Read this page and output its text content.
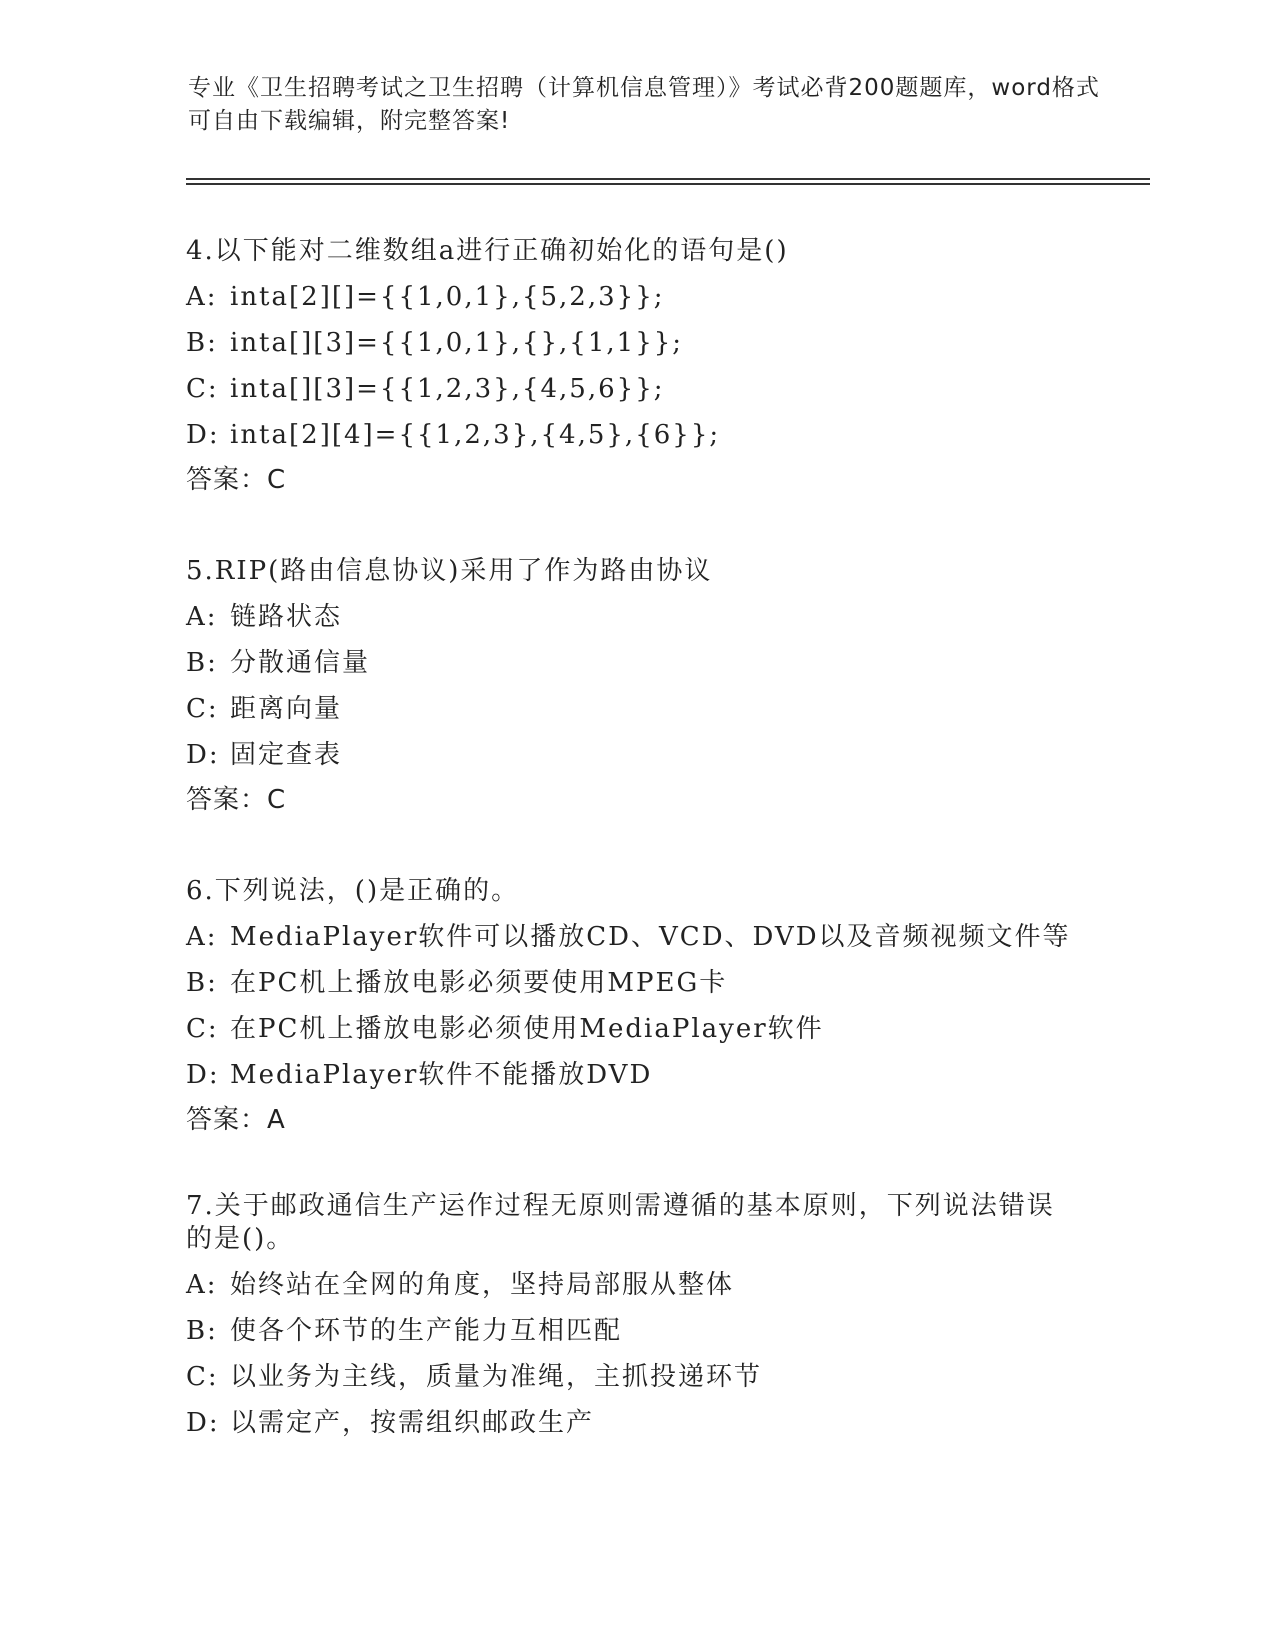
专业《卫生招聘考试之卫生招聘（计算机信息管理）》考试必背200题题库，word格式可自由下载编辑，附完整答案!
4.以下能对二维数组a进行正确初始化的语句是()
A: inta[2][]={{1,0,1},{5,2,3}};
B: inta[][3]={{1,0,1},{},{1,1}};
C: inta[][3]={{1,2,3},{4,5,6}};
D: inta[2][4]={{1,2,3},{4,5},{6}};
答案：C
5.RIP(路由信息协议)采用了作为路由协议
A: 链路状态
B: 分散通信量
C: 距离向量
D: 固定查表
答案：C
6.下列说法，()是正确的。
A: MediaPlayer软件可以播放CD、VCD、DVD以及音频视频文件等
B: 在PC机上播放电影必须要使用MPEG卡
C: 在PC机上播放电影必须使用MediaPlayer软件
D: MediaPlayer软件不能播放DVD
答案：A
7.关于邮政通信生产运作过程无原则需遵循的基本原则，下列说法错误的是()。
A: 始终站在全网的角度，坚持局部服从整体
B: 使各个环节的生产能力互相匹配
C: 以业务为主线，质量为准绳，主抓投递环节
D: 以需定产，按需组织邮政生产
